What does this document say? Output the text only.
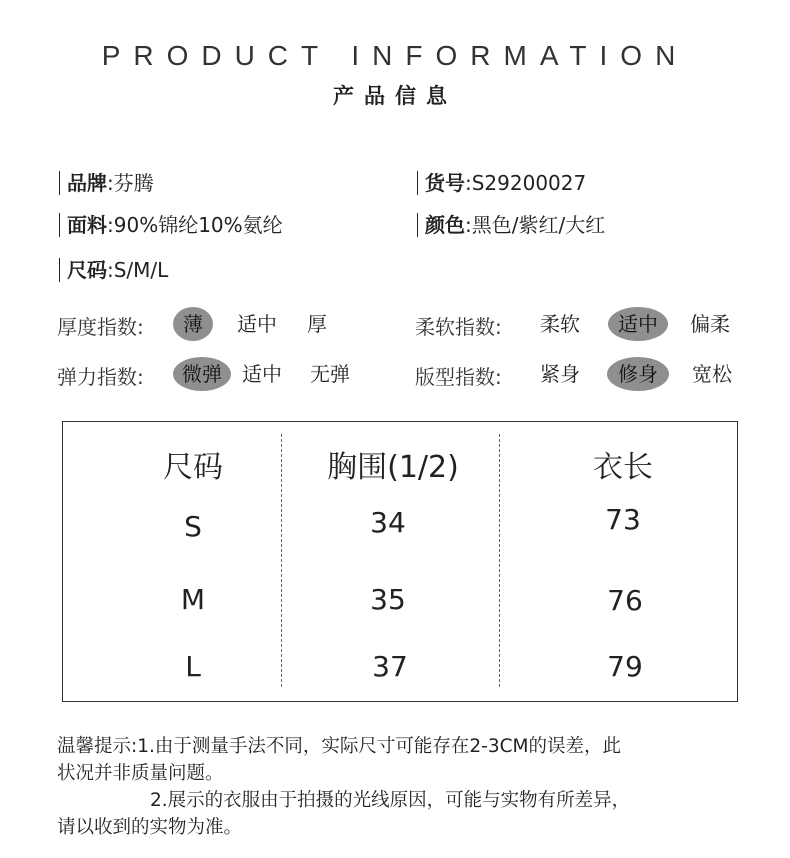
PRODUCT INFORMATION
产品信息
品牌:芬腾	货号:S29200027
面料:90%锦纶10%氨纶	颜色:黑色/紫红/大红
尺码:S/M/L
厚度指数:	薄	适中	厚	柔软指数:	柔软	适中	偏柔
弹力指数:	微弹	适中	无弹	版型指数:	紧身	修身	宽松
尺码	胸围(1/2)	衣长
S	34	73
M	35	76
L	37	79

温馨提示:1.由于测量手法不同，实际尺寸可能存在2-3CM的误差，此

状况并非质量问题。

2.展示的衣服由于拍摄的光线原因，可能与实物有所差异，

请以收到的实物为准。
